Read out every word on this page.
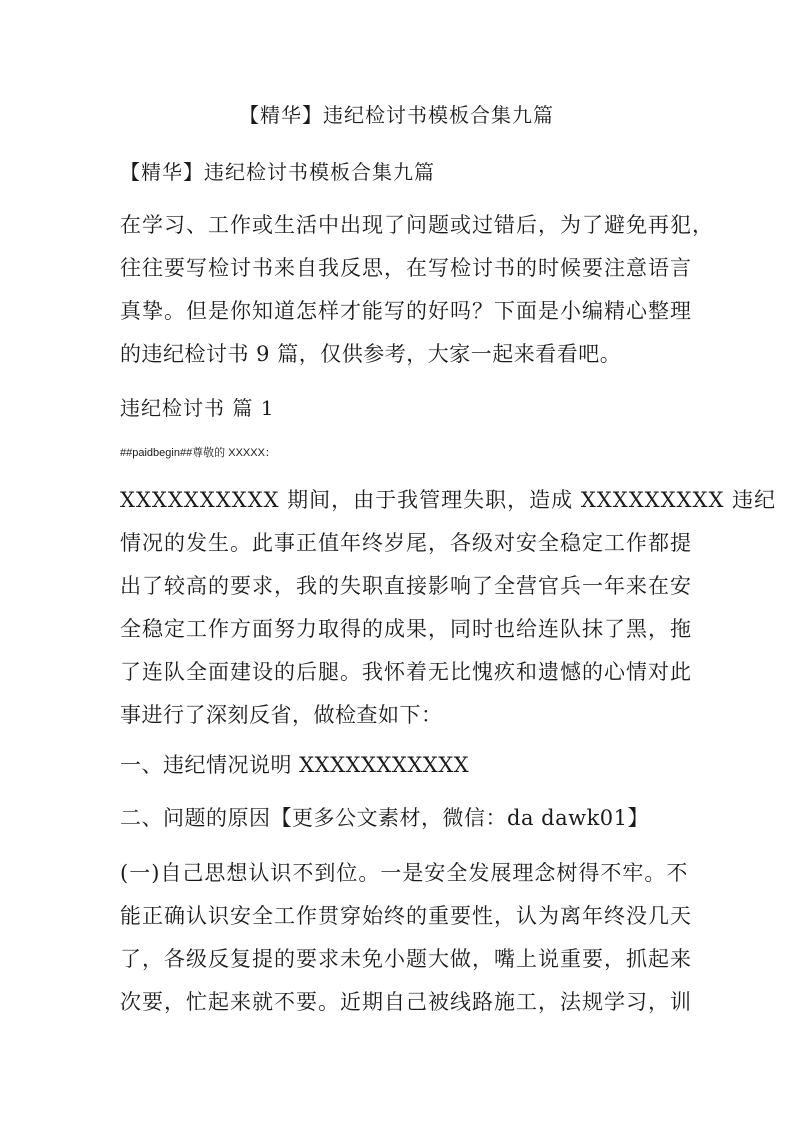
【精华】违纪检讨书模板合集九篇
【精华】违纪检讨书模板合集九篇
在学习、工作或生活中出现了问题或过错后，为了避免再犯，
往往要写检讨书来自我反思，在写检讨书的时候要注意语言
真挚。但是你知道怎样才能写的好吗？下面是小编精心整理
的违纪检讨书 9 篇，仅供参考，大家一起来看看吧。
违纪检讨书 篇 1
##paidbegin##尊敬的 XXXXX：
XXXXXXXXXX 期间，由于我管理失职，造成 XXXXXXXXX 违纪
情况的发生。此事正值年终岁尾，各级对安全稳定工作都提
出了较高的要求，我的失职直接影响了全营官兵一年来在安
全稳定工作方面努力取得的成果，同时也给连队抹了黑，拖
了连队全面建设的后腿。我怀着无比愧疚和遗憾的心情对此
事进行了深刻反省，做检查如下：
一、违纪情况说明 XXXXXXXXXXX
二、问题的原因【更多公文素材，微信：da dawk01】
(一)自己思想认识不到位。一是安全发展理念树得不牢。不
能正确认识安全工作贯穿始终的重要性，认为离年终没几天
了，各级反复提的要求未免小题大做，嘴上说重要，抓起来
次要，忙起来就不要。近期自己被线路施工，法规学习，训
